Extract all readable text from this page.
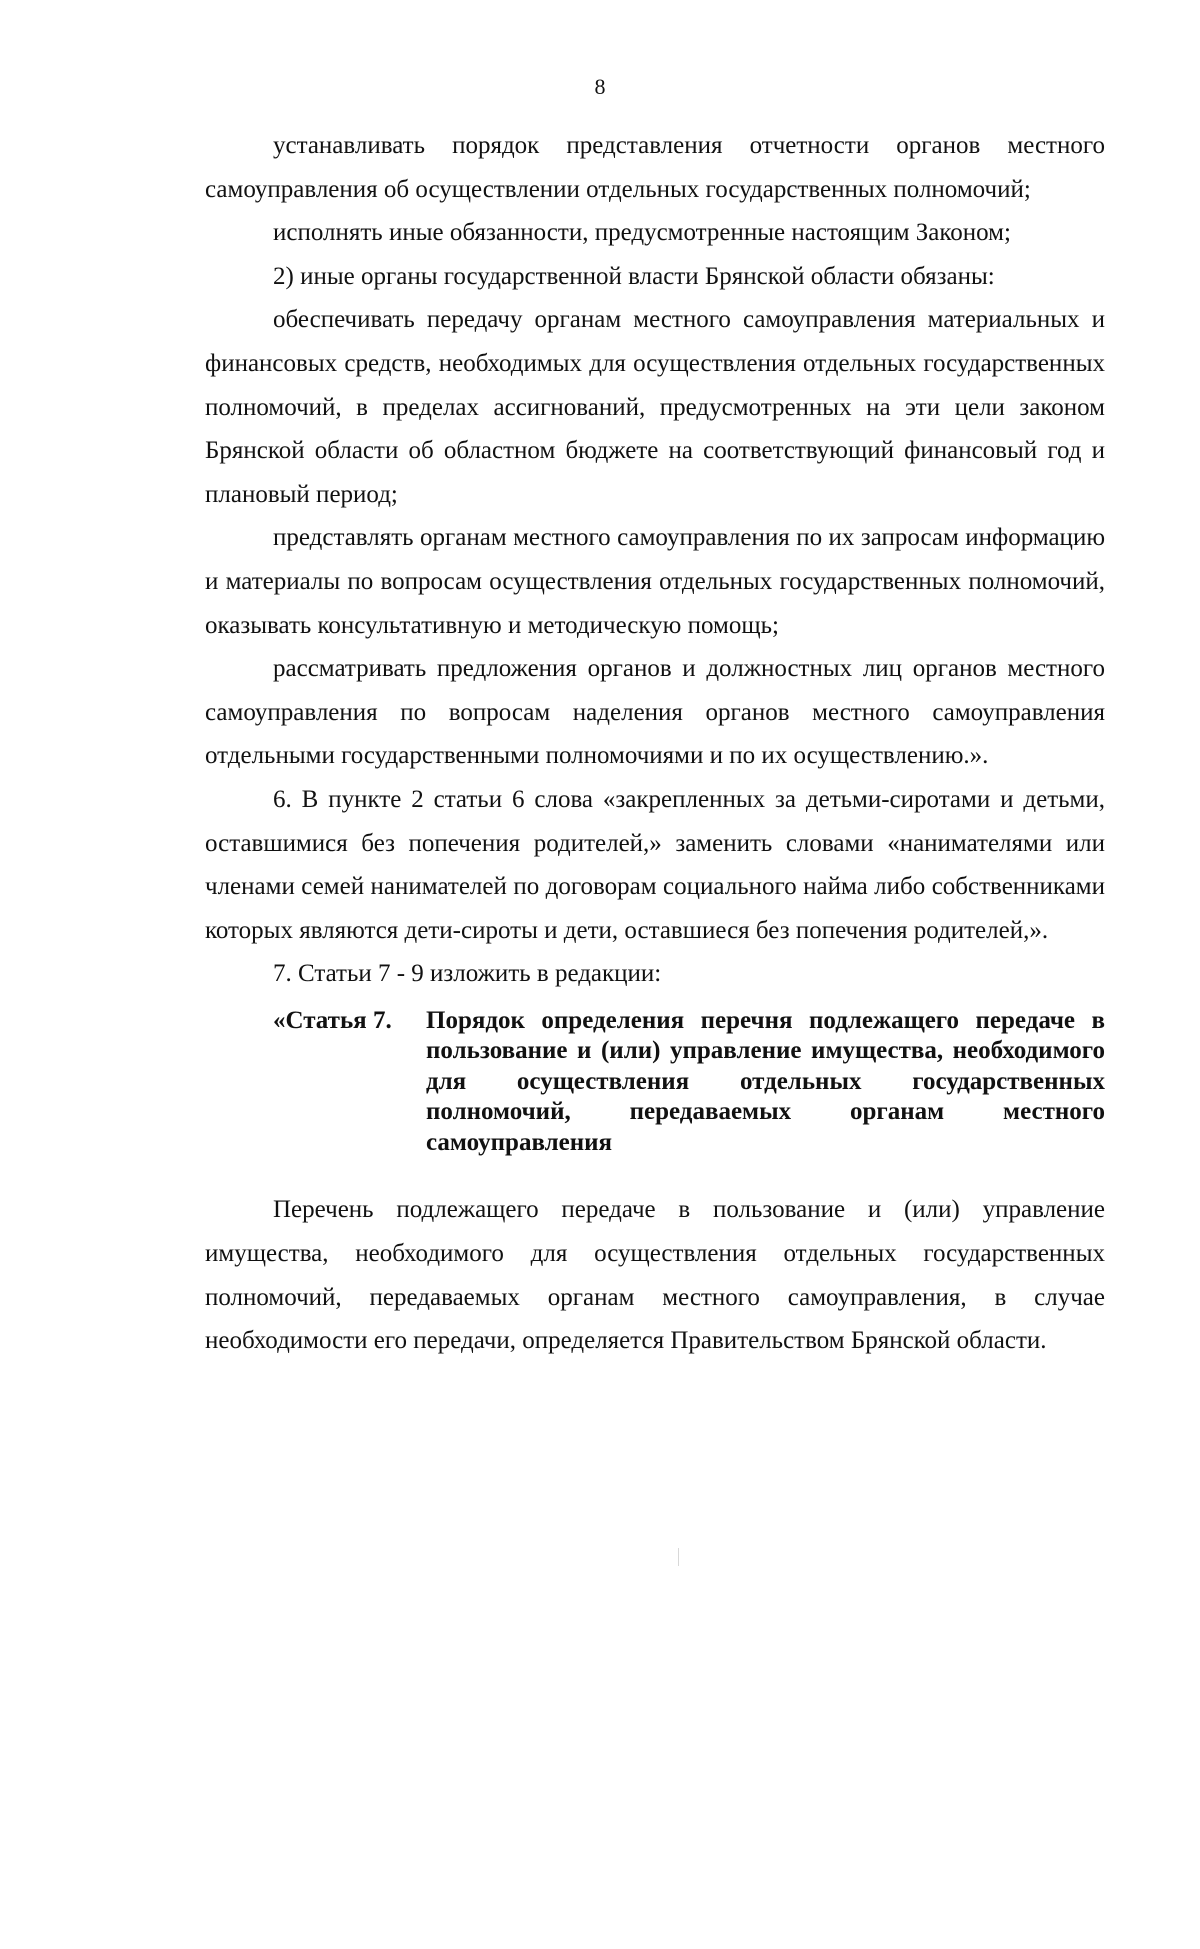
8

устанавливать порядок представления отчетности органов местного самоуправления об осуществлении отдельных государственных полномочий;

исполнять иные обязанности, предусмотренные настоящим Законом;

2) иные органы государственной власти Брянской области обязаны:

обеспечивать передачу органам местного самоуправления материальных и финансовых средств, необходимых для осуществления отдельных государственных полномочий, в пределах ассигнований, предусмотренных на эти цели законом Брянской области об областном бюджете на соответствующий финансовый год и плановый период;

представлять органам местного самоуправления по их запросам информацию и материалы по вопросам осуществления отдельных государственных полномочий, оказывать консультативную и методическую помощь;

рассматривать предложения органов и должностных лиц органов местного самоуправления по вопросам наделения органов местного самоуправления отдельными государственными полномочиями и по их осуществлению.».

6. В пункте 2 статьи 6 слова «закрепленных за детьми-сиротами и детьми, оставшимися без попечения родителей,» заменить словами «нанимателями или членами семей нанимателей по договорам социального найма либо собственниками которых являются дети-сироты и дети, оставшиеся без попечения родителей,».

7. Статьи 7 - 9 изложить в редакции:

«Статья 7.	Порядок определения перечня подлежащего передаче в пользование и (или) управление имущества, необходимого для осуществления отдельных государственных полномочий, передаваемых органам местного самоуправления

Перечень подлежащего передаче в пользование и (или) управление имущества, необходимого для осуществления отдельных государственных полномочий, передаваемых органам местного самоуправления, в случае необходимости его передачи, определяется Правительством Брянской области.
